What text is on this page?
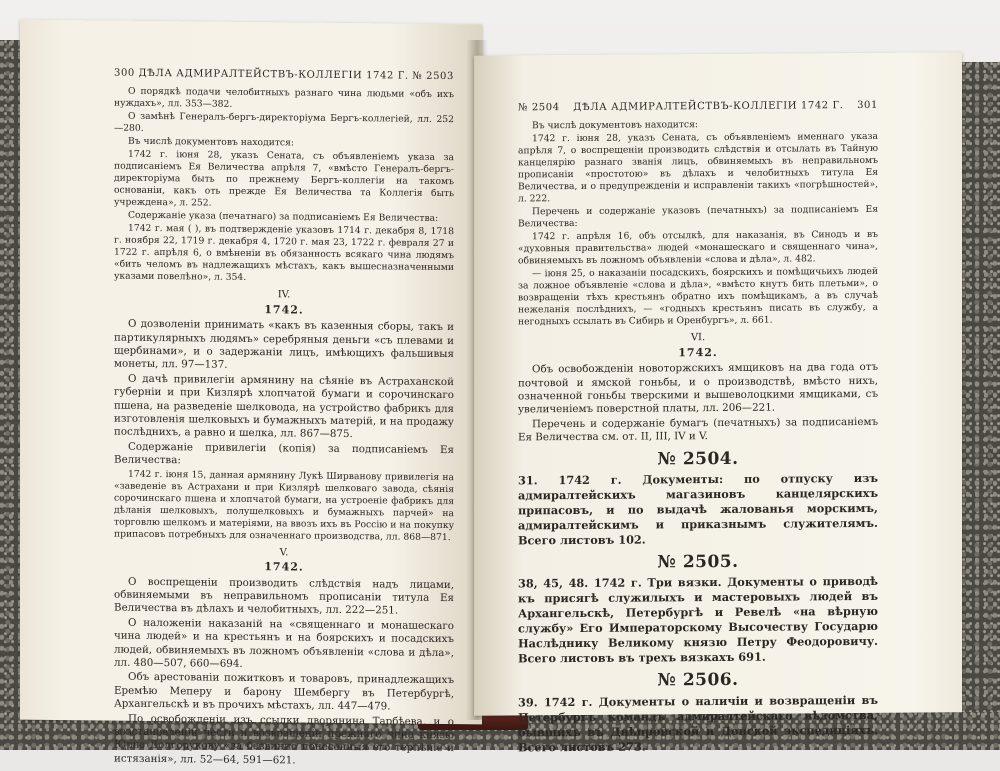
300 ДѢЛА АДМИРАЛТЕЙСТВЪ-КОЛЛЕГІИ 1742 Г. № 2503

О порядкѣ подачи челобитныхъ разнаго чина людьми «объ ихъ нуждахъ», лл. 353—382.

О замѣнѣ Генералъ-бергъ-директоріума Бергъ-коллегіей, лл. 252—280.

Въ числѣ документовъ находится:

1742 г. іюня 28, указъ Сената, съ объявленіемъ указа за подписаніемъ Ея Величества апрѣля 7, «вмѣсто Генералъ-бергъ-директоріума быть по прежнему Бергъ-коллегіи на такомъ основаніи, какъ оть прежде Ея Величества та Коллегія быть учреждена», л. 252.

Содержаніе указа (печатнаго) за подписаніемъ Ея Величества:

1742 г. мая ( ), въ подтвержденіе указовъ 1714 г. декабря 8, 1718 г. ноября 22, 1719 г. декабря 4, 1720 г. мая 23, 1722 г. февраля 27 и 1722 г. апрѣля 6, о вмѣненіи въ обязанность всякаго чина людямъ «бить челомъ въ надлежащихъ мѣстахъ, какъ вышесназначенными указами повелѣно», л. 354.

IV.
1742.

О дозволеніи принимать «какъ въ казенныя сборы, такъ и партикулярныхъ людямъ» серебряныя деньги «съ плевами и щербинами», и о задержаніи лицъ, имѣющихъ фальшивыя монеты, лл. 97—137.

О дачѣ привилегіи армянину на сѣяніе въ Астраханской губерніи и при Кизлярѣ хлопчатой бумаги и сорочинскаго пшена, на разведеніе шелковода, на устройство фабрикъ для изготовленія шелковыхъ и бумажныхъ матерій, и на продажу послѣднихъ, а равно и шелка, лл. 867—875.

Содержаніе привилегіи (копія) за подписаніемъ Ея Величества:

1742 г. іюня 15, данная армянину Лукѣ Ширванову привилегія на «заведеніе въ Астрахани и при Кизлярѣ шелковаго завода, сѣянія сорочинскаго пшена и хлопчатой бумаги, на устроеніе фабрикъ для дѣланія шелковыхъ, полушелковыхъ и бумажныхъ парчей» на торговлю шелкомъ и матеріями, на ввозъ ихъ въ Россію и на покупку припасовъ потребныхъ для означеннаго производства, лл. 868—871.

V.
1742.

О воспрещеніи производить слѣдствія надъ лицами, обвиняемыми въ неправильномъ прописаніи титула Ея Величества въ дѣлахъ и челобитныхъ, лл. 222—251.

О наложеніи наказаній на «священнаго и монашескаго чина людей» и на крестьянъ и на боярскихъ и посадскихъ людей, обвиняемыхъ въ ложномъ объявленіи «слова и дѣла», лл. 480—507, 660—694.

Объ арестованіи пожитковъ и товаровъ, принадлежащихъ Еремѣю Меперу и барону Шембергу въ Петербургѣ, Архангельскѣ и въ прочихъ мѣстахъ, лл. 447—479.

По освобожденіи изъ ссылки дворянина Тарбѣева, и о возстановленіи чести и возвращеніи прежняго чина князю Юрію Долгорукову «за безвинно понесенныя его терпѣніе и истязанія», лл. 52—64, 591—621.

№ 2504 ДѢЛА АДМИРАЛТЕЙСТВЪ-КОЛЛЕГІИ 1742 Г. 301

Въ числѣ документовъ находится:

1742 г. іюня 28, указъ Сената, съ объявленіемъ именнаго указа апрѣля 7, о воспрещеніи производить слѣдствія и отсылать въ Тайную канцелярію разнаго званія лицъ, обвиняемыхъ въ неправильномъ прописаніи «простотою» въ дѣлахъ и челобитныхъ титула Ея Величества, и о предупрежденіи и исправленіи такихъ «погрѣшностей», л. 222.

Перечень и содержаніе указовъ (печатныхъ) за подписаніемъ Ея Величества:

1742 г. апрѣля 16, объ отсылкѣ, для наказанія, въ Синодъ и въ «духовныя правительства» людей «монашескаго и священнаго чина», обвиняемыхъ въ ложномъ объявленіи «слова и дѣла», л. 482.

— іюня 25, о наказаніи посадскихъ, боярскихъ и помѣщичьихъ людей за ложное объявленіе «слова и дѣла», «вмѣсто кнутъ бить плетьми», о возвращеніи тѣхъ крестьянъ обратно ихъ помѣщикамъ, а въ случаѣ нежеланія послѣднихъ, — «годныхъ крестьянъ писать въ службу, а негодныхъ ссылать въ Сибирь и Оренбургъ», л. 661.

VI.
1742.

Объ освобожденіи новоторжскихъ ямщиковъ на два года отъ почтовой и ямской гоньбы, и о производствѣ, вмѣсто нихъ, означенной гоньбы тверскими и вышеволоцкими ямщиками, съ увеличеніемъ поверстной платы, лл. 206—221.

Перечень и содержаніе бумагъ (печатныхъ) за подписаніемъ Ея Величества см. от. II, III, IV и V.

№ 2504.
31. 1742 г. Документы: по отпуску изъ адмиралтейскихъ магазиновъ канцелярскихъ припасовъ, и по выдачѣ жалованья морскимъ, адмиралтейскимъ и приказнымъ служителямъ. Всего листовъ 102.
№ 2505.
38, 45, 48. 1742 г. Три вязки. Документы о приводѣ къ присягѣ служилыхъ и мастеровыхъ людей въ Архангельскѣ, Петербургѣ и Ревелѣ «на вѣрную службу» Его Императорскому Высочеству Государю Наслѣднику Великому князю Петру Феодоровичу. Всего листовъ въ трехъ вязкахъ 691.
№ 2506.
39. 1742 г. Документы о наличіи и возвращеніи въ Петербургъ командъ адмиралтейскаго вѣдомства, бывшихъ въ Днѣпровской и Донской экспедиціяхъ. Всего листовъ 273.
